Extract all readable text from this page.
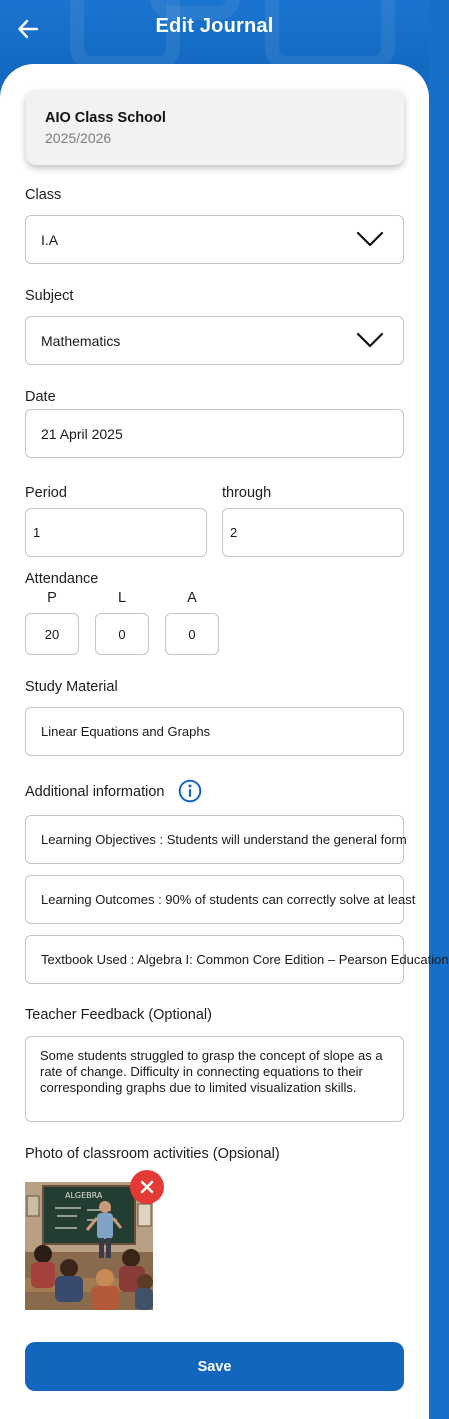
Edit Journal
AIO Class School
2025/2026
Class
I.A
Subject
Mathematics
Date
21 April 2025
Period	through
1	2
Attendance
P	L	A
20	0	0
Study Material
Linear Equations and Graphs
Additional information
Learning Objectives : Students will understand the general form
Learning Outcomes : 90% of students can correctly solve at least
Textbook Used : Algebra I: Common Core Edition – Pearson Education
Teacher Feedback (Optional)
Some students struggled to grasp the concept of slope as a rate of change. Difficulty in connecting equations to their corresponding graphs due to limited visualization skills.
Photo of classroom activities (Opsional)
ALGEBRA
Save
